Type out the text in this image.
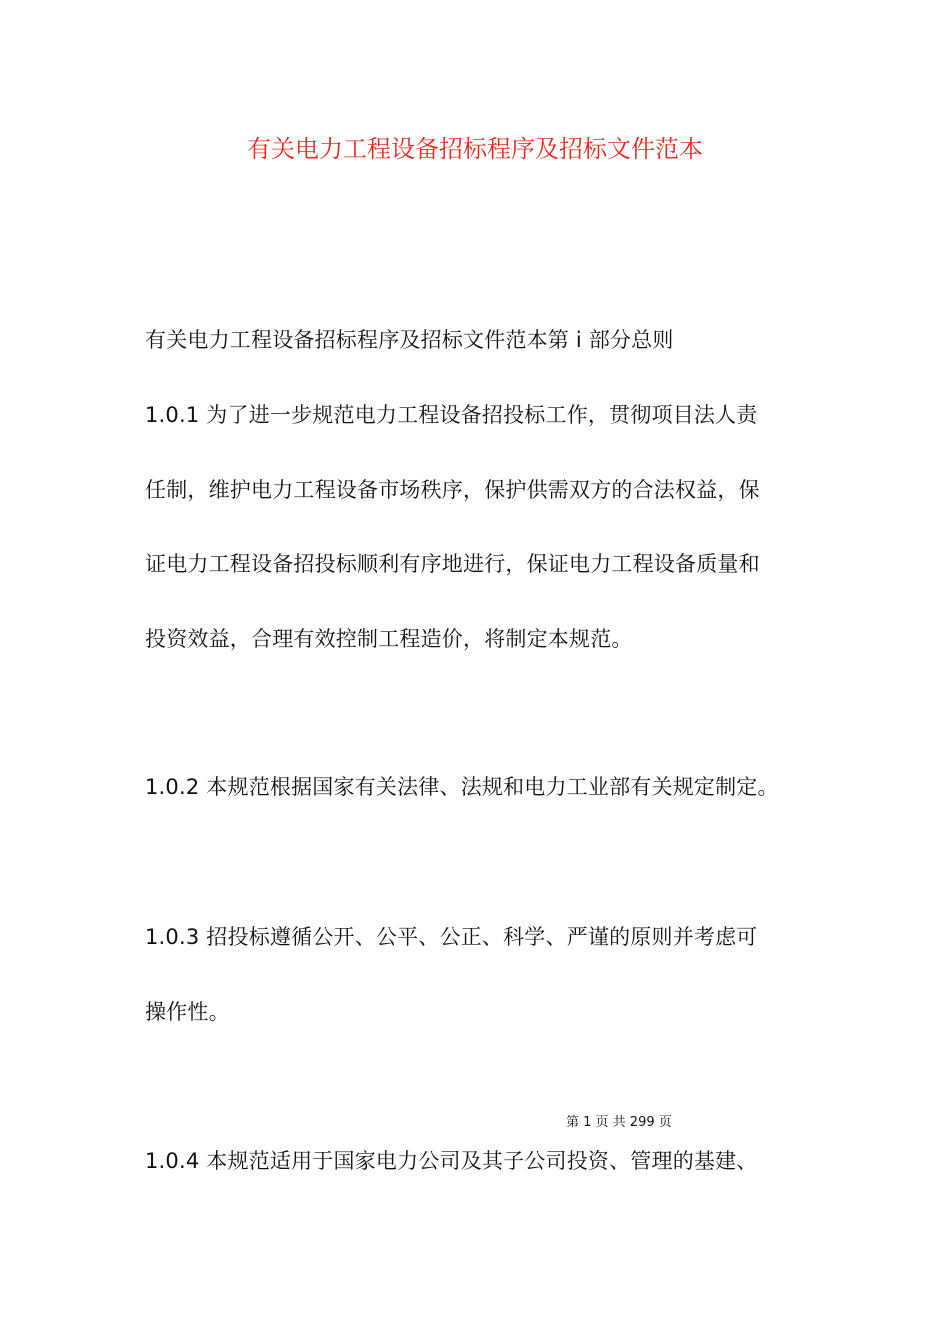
有关电力工程设备招标程序及招标文件范本

有关电力工程设备招标程序及招标文件范本第 i 部分总则

1.0.1 为了进一步规范电力工程设备招投标工作，贯彻项目法人责
任制，维护电力工程设备市场秩序，保护供需双方的合法权益，保
证电力工程设备招投标顺利有序地进行，保证电力工程设备质量和
投资效益，合理有效控制工程造价，将制定本规范。

1.0.2 本规范根据国家有关法律、法规和电力工业部有关规定制定。

1.0.3 招投标遵循公开、公平、公正、科学、严谨的原则并考虑可
操作性。

第 1 页 共 299 页

1.0.4 本规范适用于国家电力公司及其子公司投资、管理的基建、
